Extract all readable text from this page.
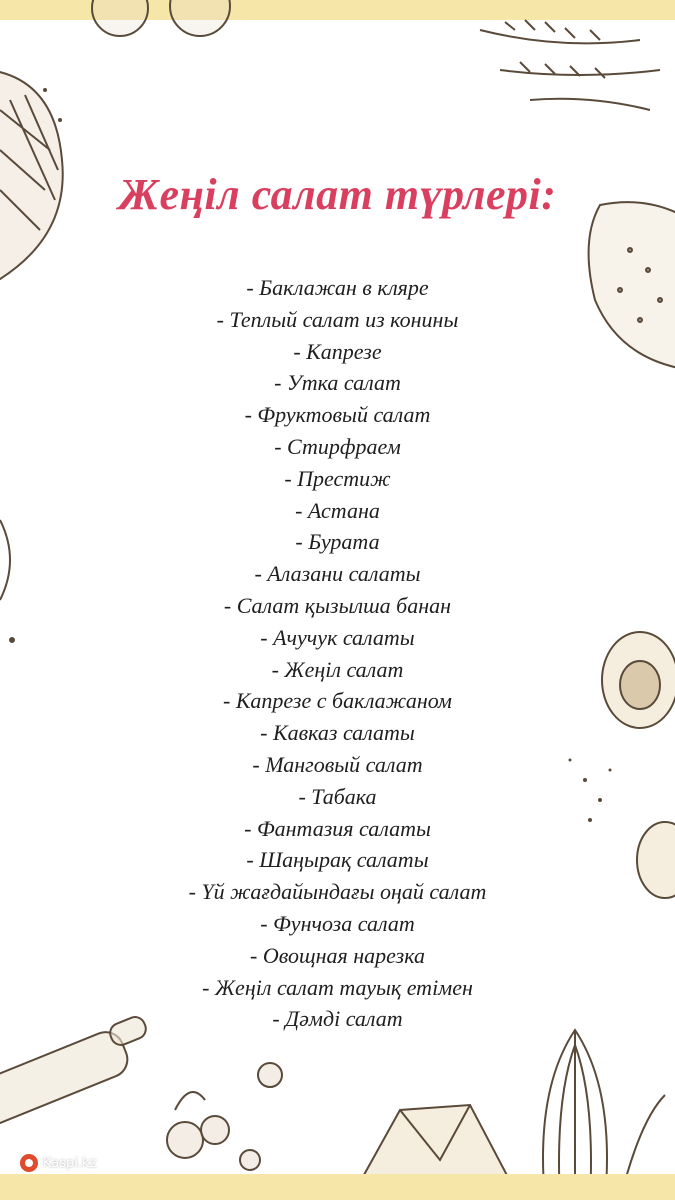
Жеңіл салат түрлері:
- Баклажан в кляре
- Теплый салат из конины
- Капрезе
- Утка салат
- Фруктовый салат
- Стирфраем
- Престиж
- Астана
- Бурата
- Алазани салаты
- Салат қызылша банан
- Ачучук салаты
- Жеңіл салат
- Капрезе с баклажаном
- Кавказ салаты
- Манговый салат
- Табака
- Фантазия салаты
- Шаңырақ салаты
- Үй жағдайындағы оңай салат
- Фунчоза салат
- Овощная нарезка
- Жеңіл салат тауық етімен
- Дәмді салат
Kaspi.kz
